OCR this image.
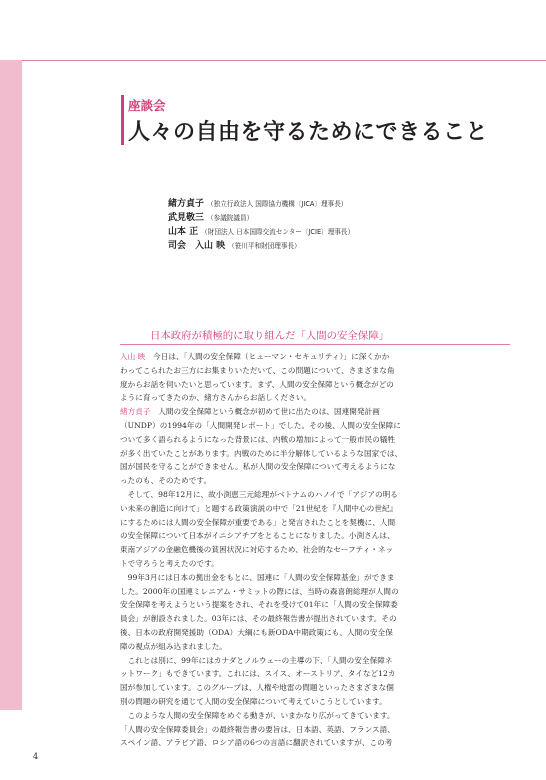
座談会
人々の自由を守るためにできること
緒方貞子 （独立行政法人 国際協力機構〔JICA〕理事長）
武見敬三 （参議院議員）
山本 正 （財団法人 日本国際交流センター〔JCIE〕理事長）
司会　入山 映 （笹川平和財団理事長）
日本政府が積極的に取り組んだ「人間の安全保障」

入山 映　今日は、「人間の安全保障（ヒューマン・セキュリティ）」に深くかか

わってこられたお三方にお集まりいただいて、この問題について、さまざまな角

度からお話を伺いたいと思っています。まず、人間の安全保障という概念がどの

ように育ってきたのか、緒方さんからお話しください。

緒方貞子　人間の安全保障という概念が初めて世に出たのは、国連開発計画

（UNDP）の1994年の「人間開発レポート」でした。その後、人間の安全保障に

ついて多く語られるようになった背景には、内戦の増加によって一般市民の犠牲

が多く出ていたことがあります。内戦のために半分解体しているような国家では、

国が国民を守ることができません。私が人間の安全保障について考えるようにな

ったのも、そのためです。

　そして、98年12月に、故小渕恵三元総理がベトナムのハノイで「アジアの明る

い未来の創造に向けて」と題する政策演説の中で「21世紀を『人間中心の世紀』

にするためには人間の安全保障が重要である」と発言されたことを契機に、人間

の安全保障について日本がイニシアチブをとることになりました。小渕さんは、

東南アジアの金融危機後の貧困状況に対応するため、社会的なセーフティ・ネッ

トで守ろうと考えたのです。

　99年3月には日本の拠出金をもとに、国連に「人間の安全保障基金」ができま

した。2000年の国連ミレニアム・サミットの際には、当時の森喜朗総理が人間の

安全保障を考えようという提案をされ、それを受けて01年に「人間の安全保障委

員会」が創設されました。03年には、その最終報告書が提出されています。その

後、日本の政府開発援助（ODA）大綱にも新ODA中期政策にも、人間の安全保

障の視点が組み込まれました。

　これとは別に、99年にはカナダとノルウェーの主導の下、「人間の安全保障ネ

ットワーク」もできています。これには、スイス、オーストリア、タイなど12カ

国が参加しています。このグループは、人権や地雷の問題といったさまざまな個

別の問題の研究を通じて人間の安全保障について考えていこうとしています。

　このような人間の安全保障をめぐる動きが、いまかなり広がってきています。

「人間の安全保障委員会」の最終報告書の要旨は、日本語、英語、フランス語、

スペイン語、アラビア語、ロシア語の6つの言語に翻訳されていますが、この考

4
